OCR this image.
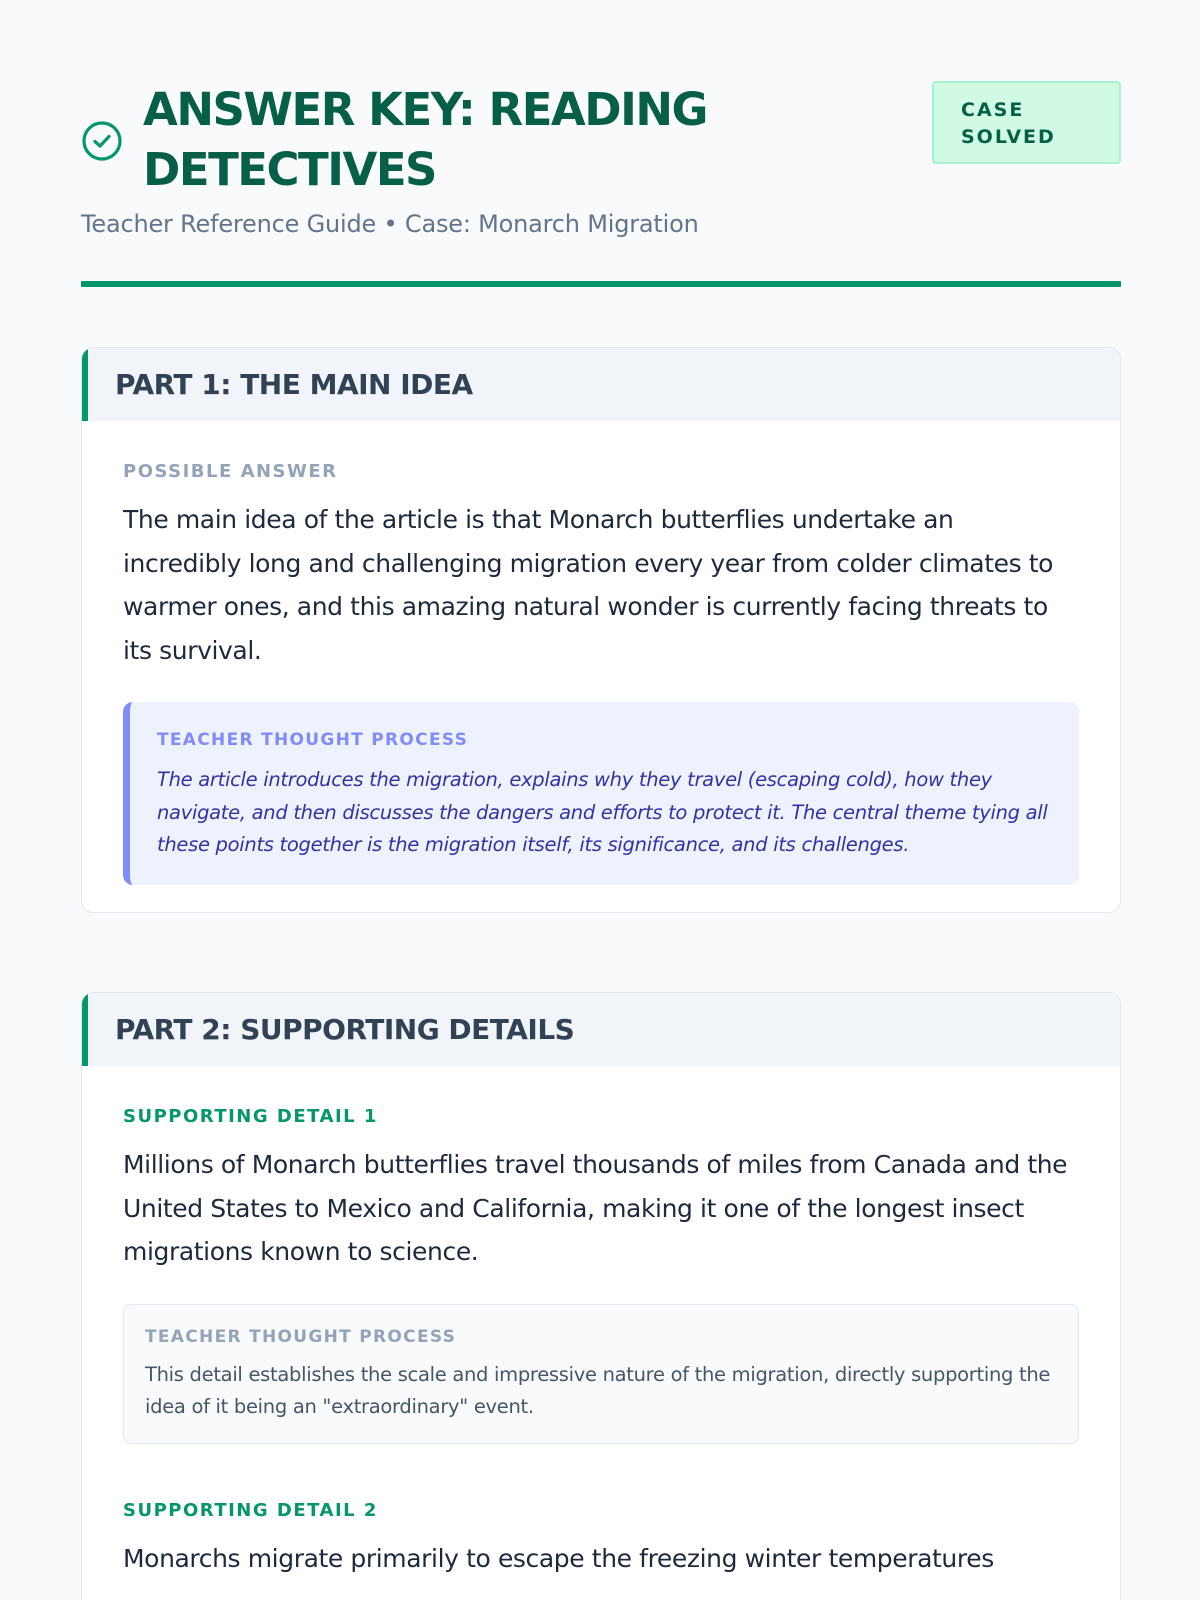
ANSWER KEY: READING DETECTIVES
CASE SOLVED
Teacher Reference Guide • Case: Monarch Migration
PART 1: THE MAIN IDEA
POSSIBLE ANSWER

The main idea of the article is that Monarch butterflies undertake an incredibly long and challenging migration every year from colder climates to warmer ones, and this amazing natural wonder is currently facing threats to its survival.

TEACHER THOUGHT PROCESS

The article introduces the migration, explains why they travel (escaping cold), how they navigate, and then discusses the dangers and efforts to protect it. The central theme tying all these points together is the migration itself, its significance, and its challenges.

PART 2: SUPPORTING DETAILS
SUPPORTING DETAIL 1

Millions of Monarch butterflies travel thousands of miles from Canada and the United States to Mexico and California, making it one of the longest insect migrations known to science.

TEACHER THOUGHT PROCESS

This detail establishes the scale and impressive nature of the migration, directly supporting the idea of it being an "extraordinary" event.

SUPPORTING DETAIL 2

Monarchs migrate primarily to escape the freezing winter temperatures
